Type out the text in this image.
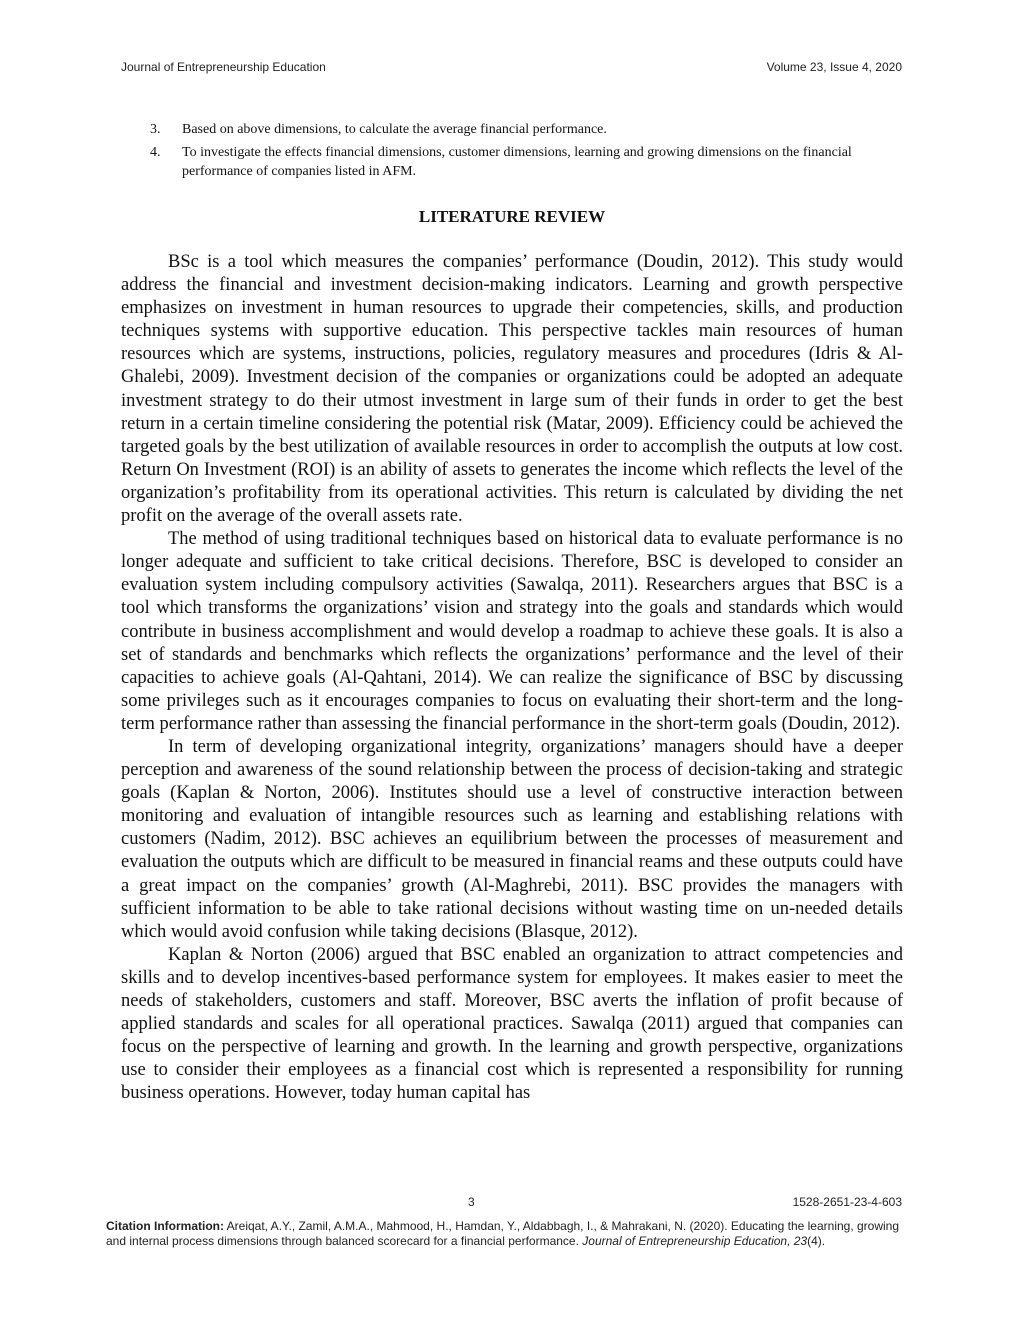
Journal of Entrepreneurship Education	Volume 23, Issue 4, 2020
3. Based on above dimensions, to calculate the average financial performance.
4. To investigate the effects financial dimensions, customer dimensions, learning and growing dimensions on the financial performance of companies listed in AFM.
LITERATURE REVIEW

BSc is a tool which measures the companies’ performance (Doudin, 2012). This study would address the financial and investment decision-making indicators. Learning and growth perspective emphasizes on investment in human resources to upgrade their competencies, skills, and production techniques systems with supportive education. This perspective tackles main resources of human resources which are systems, instructions, policies, regulatory measures and procedures (Idris & Al-Ghalebi, 2009). Investment decision of the companies or organizations could be adopted an adequate investment strategy to do their utmost investment in large sum of their funds in order to get the best return in a certain timeline considering the potential risk (Matar, 2009). Efficiency could be achieved the targeted goals by the best utilization of available resources in order to accomplish the outputs at low cost. Return On Investment (ROI) is an ability of assets to generates the income which reflects the level of the organization’s profitability from its operational activities. This return is calculated by dividing the net profit on the average of the overall assets rate.

The method of using traditional techniques based on historical data to evaluate performance is no longer adequate and sufficient to take critical decisions. Therefore, BSC is developed to consider an evaluation system including compulsory activities (Sawalqa, 2011). Researchers argues that BSC is a tool which transforms the organizations’ vision and strategy into the goals and standards which would contribute in business accomplishment and would develop a roadmap to achieve these goals. It is also a set of standards and benchmarks which reflects the organizations’ performance and the level of their capacities to achieve goals (Al-Qahtani, 2014). We can realize the significance of BSC by discussing some privileges such as it encourages companies to focus on evaluating their short-term and the long-term performance rather than assessing the financial performance in the short-term goals (Doudin, 2012).

In term of developing organizational integrity, organizations’ managers should have a deeper perception and awareness of the sound relationship between the process of decision-taking and strategic goals (Kaplan & Norton, 2006). Institutes should use a level of constructive interaction between monitoring and evaluation of intangible resources such as learning and establishing relations with customers (Nadim, 2012). BSC achieves an equilibrium between the processes of measurement and evaluation the outputs which are difficult to be measured in financial reams and these outputs could have a great impact on the companies’ growth (Al-Maghrebi, 2011). BSC provides the managers with sufficient information to be able to take rational decisions without wasting time on un-needed details which would avoid confusion while taking decisions (Blasque, 2012).

Kaplan & Norton (2006) argued that BSC enabled an organization to attract competencies and skills and to develop incentives-based performance system for employees. It makes easier to meet the needs of stakeholders, customers and staff. Moreover, BSC averts the inflation of profit because of applied standards and scales for all operational practices. Sawalqa (2011) argued that companies can focus on the perspective of learning and growth. In the learning and growth perspective, organizations use to consider their employees as a financial cost which is represented a responsibility for running business operations. However, today human capital has

3	1528-2651-23-4-603
Citation Information: Areiqat, A.Y., Zamil, A.M.A., Mahmood, H., Hamdan, Y., Aldabbagh, I., & Mahrakani, N. (2020). Educating the learning, growing and internal process dimensions through balanced scorecard for a financial performance. Journal of Entrepreneurship Education, 23(4).
